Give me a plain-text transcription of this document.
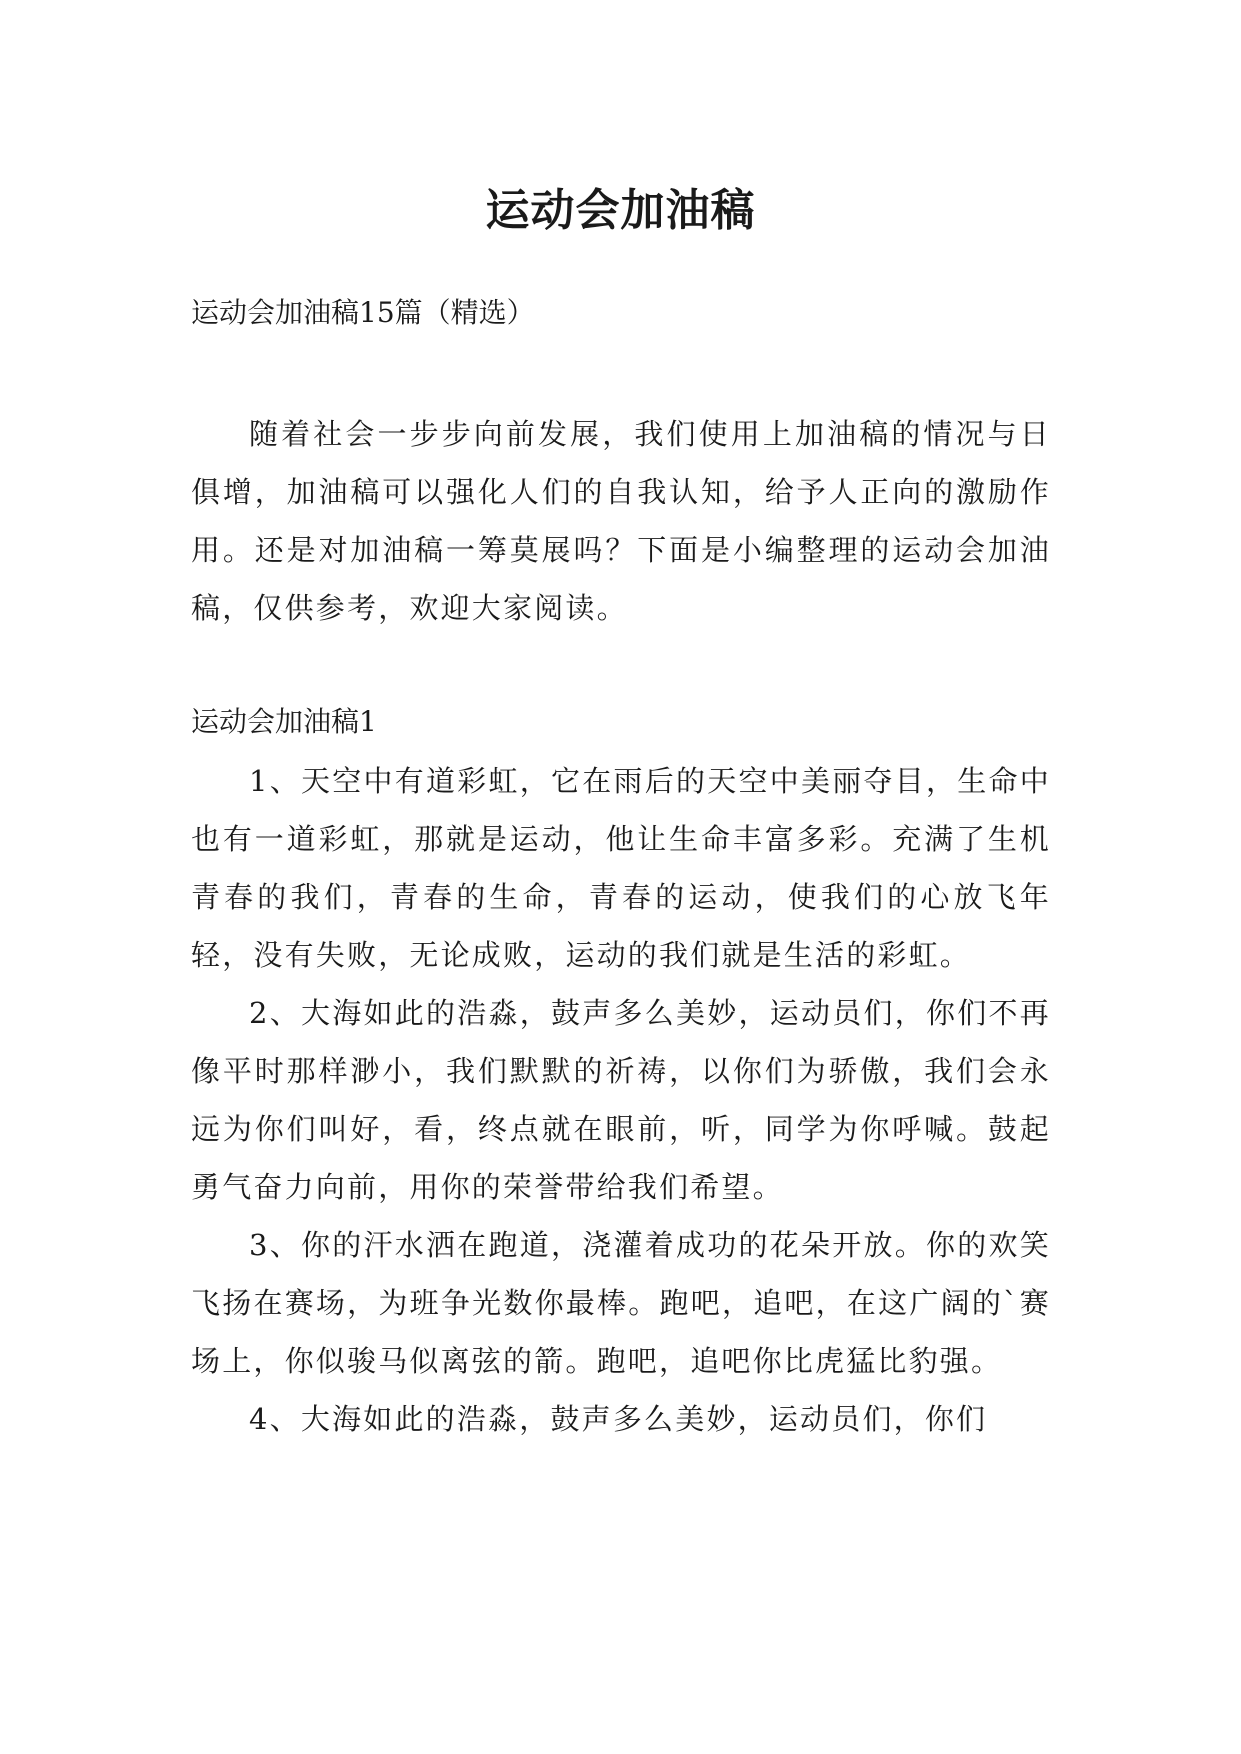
运动会加油稿

运动会加油稿15篇（精选）

随着社会一步步向前发展，我们使用上加油稿的情况与日俱增，加油稿可以强化人们的自我认知，给予人正向的激励作用。还是对加油稿一筹莫展吗？下面是小编整理的运动会加油稿，仅供参考，欢迎大家阅读。

运动会加油稿1

1、天空中有道彩虹，它在雨后的天空中美丽夺目，生命中也有一道彩虹，那就是运动，他让生命丰富多彩。充满了生机青春的我们，青春的生命，青春的运动，使我们的心放飞年轻，没有失败，无论成败，运动的我们就是生活的彩虹。

2、大海如此的浩淼，鼓声多么美妙，运动员们，你们不再像平时那样渺小，我们默默的祈祷，以你们为骄傲，我们会永远为你们叫好，看，终点就在眼前，听，同学为你呼喊。鼓起勇气奋力向前，用你的荣誉带给我们希望。

3、你的汗水洒在跑道，浇灌着成功的花朵开放。你的欢笑飞扬在赛场，为班争光数你最棒。跑吧，追吧，在这广阔的`赛场上，你似骏马似离弦的箭。跑吧，追吧你比虎猛比豹强。

4、大海如此的浩淼，鼓声多么美妙，运动员们，你们
